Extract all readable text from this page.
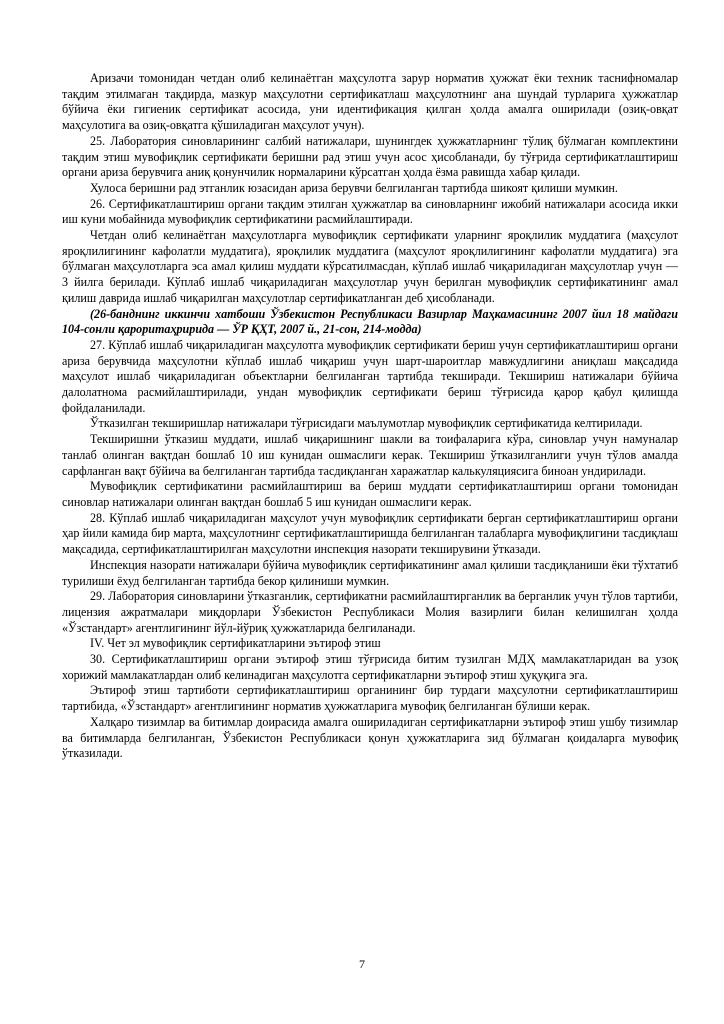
Аризачи томонидан четдан олиб келинаётган маҳсулотга зарур норматив ҳужжат ёки техник таснифномалар тақдим этилмаган тақдирда, мазкур маҳсулотни сертификатлаш маҳсулотнинг ана шундай турларига ҳужжатлар бўйича ёки гигиеник сертификат асосида, уни идентификация қилган ҳолда амалга оширилади (озиқ-овқат маҳсулотига ва озиқ-овқатга қўшиладиган маҳсулот учун).

25. Лаборатория синовларининг салбий натижалари, шунингдек ҳужжатларнинг тўлиқ бўлмаган комплектини тақдим этиш мувофиқлик сертификати беришни рад этиш учун асос ҳисобланади, бу тўғрида сертификатлаштириш органи ариза берувчига аниқ қонунчилик нормаларини кўрсатган ҳолда ёзма равишда хабар қилади.

Хулоса беришни рад этганлик юзасидан ариза берувчи белгиланган тартибда шикоят қилиши мумкин.

26. Сертификатлаштириш органи тақдим этилган ҳужжатлар ва синовларнинг ижобий натижалари асосида икки иш куни мобайнида мувофиқлик сертификатини расмийлаштиради.

Четдан олиб келинаётган маҳсулотларга мувофиқлик сертификати уларнинг яроқлилик муддатига (маҳсулот яроқлилигининг кафолатли муддатига), яроқлилик муддатига (маҳсулот яроқлилигининг кафолатли муддатига) эга бўлмаган маҳсулотларга эса амал қилиш муддати кўрсатилмасдан, кўплаб ишлаб чиқариладиган маҳсулотлар учун — 3 йилга берилади. Кўплаб ишлаб чиқариладиган маҳсулотлар учун берилган мувофиқлик сертификатининг амал қилиш даврида ишлаб чиқарилган маҳсулотлар сертификатланган деб ҳисобланади.

(26-банднинг иккинчи хатбоши Ўзбекистон Республикаси Вазирлар Маҳкамасининг 2007 йил 18 майдаги 104-сонли қароритаҳририда — ЎР ҚҲТ, 2007 й., 21-сон, 214-модда)

27. Кўплаб ишлаб чиқариладиган маҳсулотга мувофиқлик сертификати бериш учун сертификатлаштириш органи ариза берувчида маҳсулотни кўплаб ишлаб чиқариш учун шарт-шароитлар мавжудлигини аниқлаш мақсадида маҳсулот ишлаб чиқариладиган объектларни белгиланган тартибда текширади. Текшириш натижалари бўйича далолатнома расмийлаштирилади, ундан мувофиқлик сертификати бериш тўғрисида қарор қабул қилишда фойдаланилади.

Ўтказилган текширишлар натижалари тўғрисидаги маълумотлар мувофиқлик сертификатида келтирилади.

Текширишни ўтказиш муддати, ишлаб чиқаришнинг шакли ва тоифаларига кўра, синовлар учун намуналар танлаб олинган вақтдан бошлаб 10 иш кунидан ошмаслиги керак. Текшириш ўтказилганлиги учун тўлов амалда сарфланган вақт бўйича ва белгиланган тартибда тасдиқланган харажатлар калькуляциясига биноан ундирилади.

Мувофиқлик сертификатини расмийлаштириш ва бериш муддати сертификатлаштириш органи томонидан синовлар натижалари олинган вақтдан бошлаб 5 иш кунидан ошмаслиги керак.

28. Кўплаб ишлаб чиқариладиган маҳсулот учун мувофиқлик сертификати берган сертификатлаштириш органи ҳар йили камида бир марта, маҳсулотнинг сертификатлаштиришда белгиланган талабларга мувофиқлигини тасдиқлаш мақсадида, сертификатлаштирилган маҳсулотни инспекция назорати текширувини ўтказади.

Инспекция назорати натижалари бўйича мувофиқлик сертификатининг амал қилиши тасдиқланиши ёки тўхтатиб турилиши ёхуд белгиланган тартибда бекор қилиниши мумкин.

29. Лаборатория синовларини ўтказганлик, сертификатни расмийлаштирганлик ва берганлик учун тўлов тартиби, лицензия ажратмалари миқдорлари Ўзбекистон Республикаси Молия вазирлиги билан келишилган ҳолда «Ўзстандарт» агентлигининг йўл-йўриқ ҳужжатларида белгиланади.

IV. Чет эл мувофиқлик сертификатларини эътироф этиш

30. Сертификатлаштириш органи эътироф этиш тўғрисида битим тузилган МДҲ мамлакатларидан ва узоқ хорижий мамлакатлардан олиб келинадиган маҳсулотга сертификатларни эътироф этиш ҳуқуқига эга.

Эътироф этиш тартиботи сертификатлаштириш органининг бир турдаги маҳсулотни сертификатлаштириш тартибида, «Ўзстандарт» агентлигининг норматив ҳужжатларига мувофиқ белгиланган бўлиши керак.

Халқаро тизимлар ва битимлар доирасида амалга ошириладиган сертификатларни эътироф этиш ушбу тизимлар ва битимларда белгиланган, Ўзбекистон Республикаси қонун ҳужжатларига зид бўлмаган қоидаларга мувофиқ ўтказилади.

7
